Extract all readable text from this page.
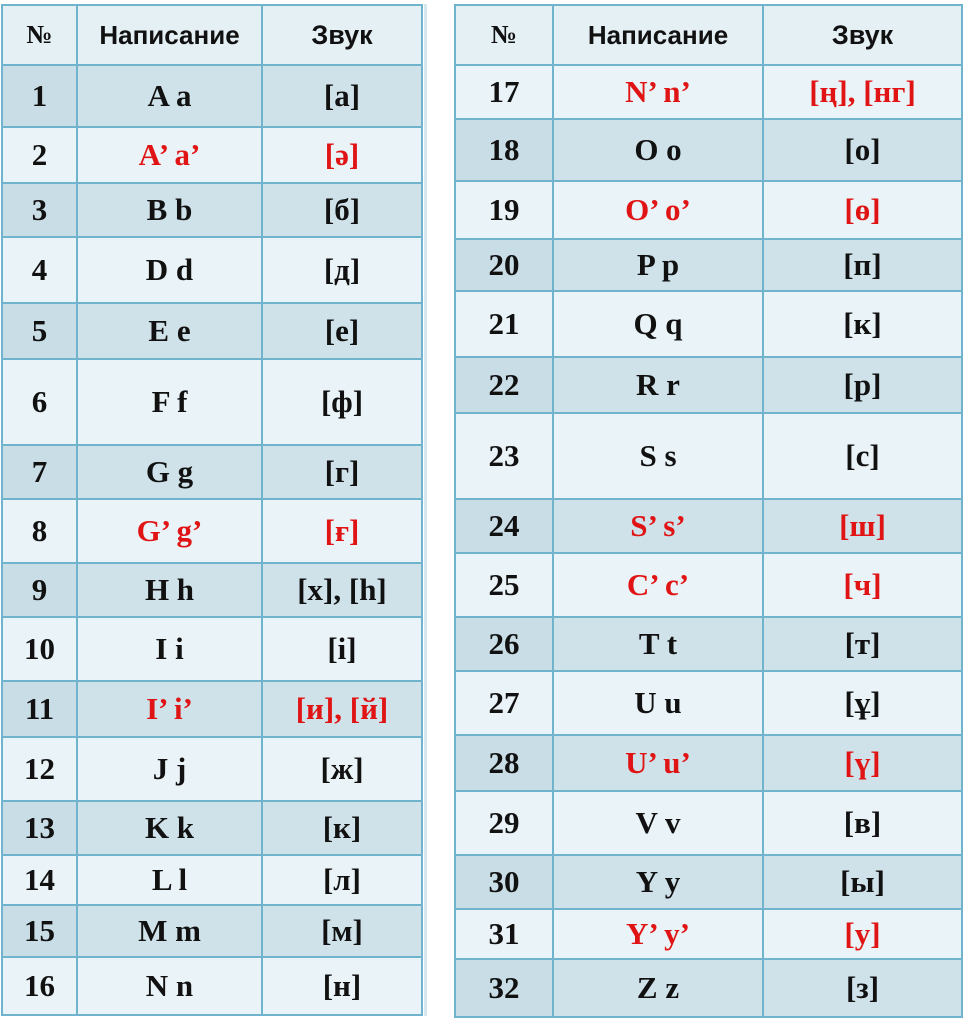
№	Написание	Звук
1	A a	[а]
2	A’ a’	[ә]
3	B b	[б]
4	D d	[д]
5	E e	[е]
6	F f	[ф]
7	G g	[г]
8	G’ g’	[ғ]
9	H h	[х], [h]
10	I i	[і]
11	I’ i’	[и], [й]
12	J j	[ж]
13	K k	[к]
14	L l	[л]
15	M m	[м]
16	N n	[н]
№	Написание	Звук
17	N’ n’	[ң], [нг]
18	O o	[о]
19	O’ o’	[ө]
20	P p	[п]
21	Q q	[к]
22	R r	[р]
23	S s	[с]
24	S’ s’	[ш]
25	C’ c’	[ч]
26	T t	[т]
27	U u	[ұ]
28	U’ u’	[ү]
29	V v	[в]
30	Y y	[ы]
31	Y’ y’	[у]
32	Z z	[з]
